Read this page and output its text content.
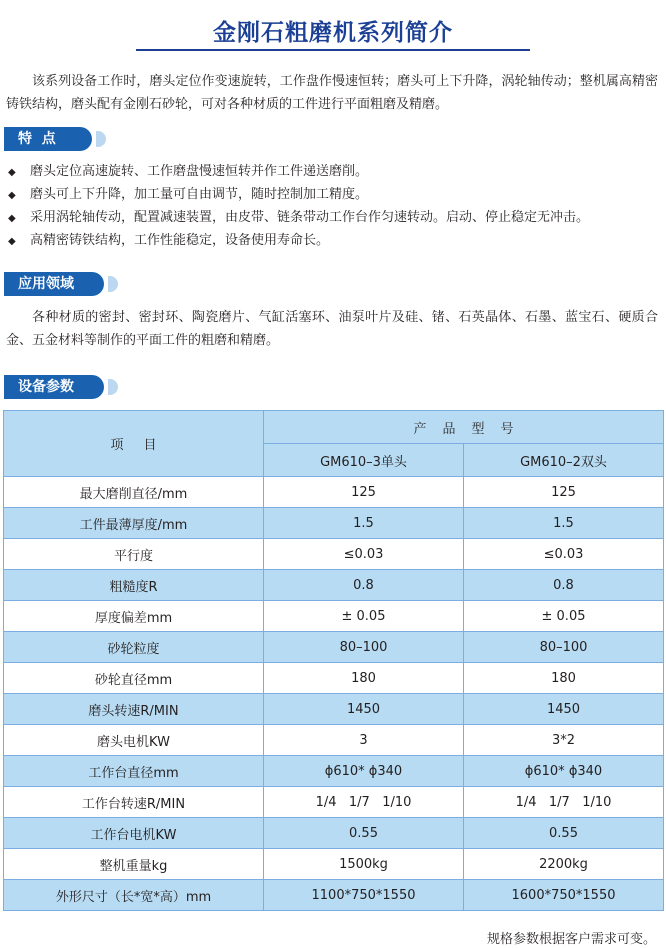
金刚石粗磨机系列简介
该系列设备工作时，磨头定位作变速旋转，工作盘作慢速恒转；磨头可上下升降，涡轮轴传动；整机属高精密铸铁结构，磨头配有金刚石砂轮，可对各种材质的工件进行平面粗磨及精磨。
特  点
◆ 磨头定位高速旋转、工作磨盘慢速恒转并作工件递送磨削。
◆ 磨头可上下升降，加工量可自由调节，随时控制加工精度。
◆ 采用涡轮轴传动，配置减速装置，由皮带、链条带动工作台作匀速转动。启动、停止稳定无冲击。
◆ 高精密铸铁结构，工作性能稳定，设备使用寿命长。
应用领域
各种材质的密封、密封环、陶瓷磨片、气缸活塞环、油泵叶片及硅、锗、石英晶体、石墨、蓝宝石、硬质合金、五金材料等制作的平面工件的粗磨和精磨。
设备参数
项目	产品型号	
	GM610–3单头	GM610–2双头
最大磨削直径/mm	125	125
工件最薄厚度/mm	1.5	1.5
平行度	≤0.03	≤0.03
粗糙度R	0.8	0.8
厚度偏差mm	± 0.05	± 0.05
砂轮粒度	80–100	80–100
砂轮直径mm	180	180
磨头转速R/MIN	1450	1450
磨头电机KW	3	3*2
工作台直径mm	ϕ610* ϕ340	ϕ610* ϕ340
工作台转速R/MIN	1/4   1/7   1/10	1/4   1/7   1/10
工作台电机KW	0.55	0.55
整机重量kg	1500kg	2200kg
外形尺寸（长*宽*高）mm	1100*750*1550	1600*750*1550
规格参数根据客户需求可变。
